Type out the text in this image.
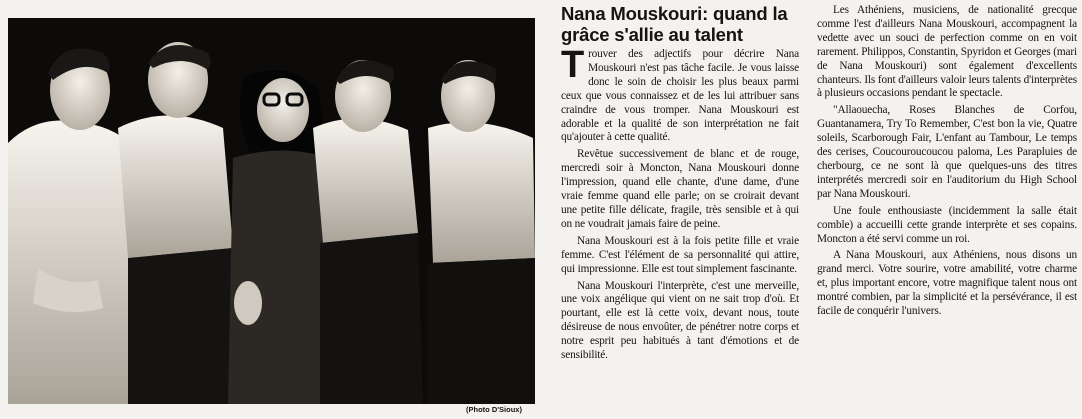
(Photo D'Sioux)
Nana Mouskouri: quand la grâce s'allie au talent

Trouver des adjectifs pour décrire Nana Mouskouri n'est pas tâche facile. Je vous laisse donc le soin de choisir les plus beaux parmi ceux que vous connaissez et de les lui attribuer sans craindre de vous tromper. Nana Mouskouri est adorable et la qualité de son interprétation ne fait qu'ajouter à cette qualité.

Revêtue successivement de blanc et de rouge, mercredi soir à Moncton, Nana Mouskouri donne l'impression, quand elle chante, d'une dame, d'une vraie femme quand elle parle; on se croirait devant une petite fille délicate, fragile, très sensible et à qui on ne voudrait jamais faire de peine.

Nana Mouskouri est à la fois petite fille et vraie femme. C'est l'élément de sa personnalité qui attire, qui impressionne. Elle est tout simplement fascinante.

Nana Mouskouri l'interprète, c'est une merveille, une voix angélique qui vient on ne sait trop d'où. Et pourtant, elle est là cette voix, devant nous, toute désireuse de nous envoûter, de pénétrer notre corps et notre esprit peu habitués à tant d'émotions et de sensibilité.

Les Athéniens, musiciens, de nationalité grecque comme l'est d'ailleurs Nana Mouskouri, accompagnent la vedette avec un souci de perfection comme on en voit rarement. Philippos, Constantin, Spyridon et Georges (mari de Nana Mouskouri) sont également d'excellents chanteurs. Ils font d'ailleurs valoir leurs talents d'interprètes à plusieurs occasions pendant le spectacle.

"Allaouecha, Roses Blanches de Corfou, Guantanamera, Try To Remember, C'est bon la vie, Quatre soleils, Scarborough Fair, L'enfant au Tambour, Le temps des cerises, Coucouroucoucou paloma, Les Parapluies de cherbourg, ce ne sont là que quelques-uns des titres interprétés mercredi soir en l'auditorium du High School par Nana Mouskouri.

Une foule enthousiaste (incidemment la salle était comble) a accueilli cette grande interprète et ses copains. Moncton a été servi comme un roi.

A Nana Mouskouri, aux Athéniens, nous disons un grand merci. Votre sourire, votre amabilité, votre charme et, plus important encore, votre magnifique talent nous ont montré combien, par la simplicité et la persévérance, il est facile de conquérir l'univers.
